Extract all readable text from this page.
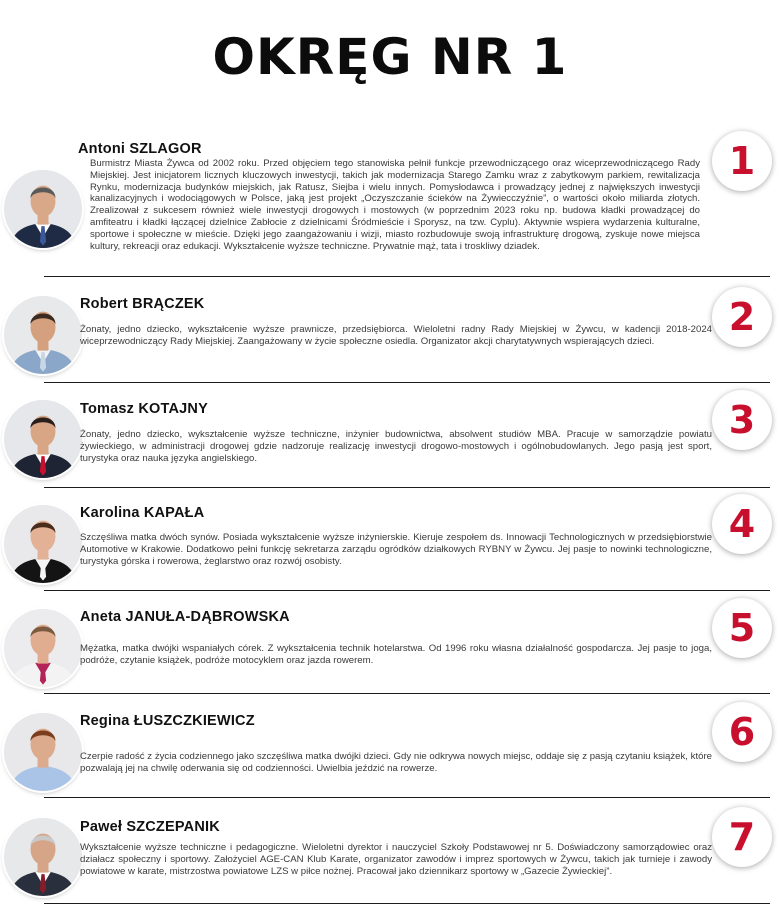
OKRĘG NR 1
Antoni SZLAGOR
Burmistrz Miasta Żywca od 2002 roku. Przed objęciem tego stanowiska pełnił funkcje przewodniczącego oraz wiceprzewodniczącego Rady Miejskiej. Jest inicjatorem licznych kluczowych inwestycji, takich jak modernizacja Starego Zamku wraz z zabytkowym parkiem, rewitalizacja Rynku, modernizacja budynków miejskich, jak Ratusz, Siejba i wielu innych. Pomysłodawca i prowadzący jednej z największych inwestycji kanalizacyjnych i wodociągowych w Polsce, jaką jest projekt „Oczyszczanie ścieków na Żywiecczyźnie”, o wartości około miliarda złotych. Zrealizował z sukcesem również wiele inwestycji drogowych i mostowych (w poprzednim 2023 roku np. budowa kładki prowadzącej do amfiteatru i kładki łączącej dzielnice Zabłocie z dzielnicami Śródmieście i Sporysz, na tzw. Cyplu). Aktywnie wspiera wydarzenia kulturalne, sportowe i społeczne w mieście. Dzięki jego zaangażowaniu i wizji, miasto rozbudowuje swoją infrastrukturę drogową, zyskuje nowe miejsca kultury, rekreacji oraz edukacji. Wykształcenie wyższe techniczne. Prywatnie mąż, tata i troskliwy dziadek.
1
Robert BRĄCZEK
Żonaty, jedno dziecko, wykształcenie wyższe prawnicze, przedsiębiorca. Wieloletni radny Rady Miejskiej w Żywcu, w kadencji 2018-2024 wiceprzewodniczący Rady Miejskiej. Zaangażowany w życie społeczne osiedla. Organizator akcji charytatywnych wspierających dzieci.
2
Tomasz KOTAJNY
Żonaty, jedno dziecko, wykształcenie wyższe techniczne, inżynier budownictwa, absolwent studiów MBA. Pracuje w samorządzie powiatu żywieckiego, w administracji drogowej gdzie nadzoruje realizację inwestycji drogowo-mostowych i ogólnobudowlanych. Jego pasją jest sport, turystyka oraz nauka języka angielskiego.
3
Karolina KAPAŁA
Szczęśliwa matka dwóch synów. Posiada wykształcenie wyższe inżynierskie. Kieruje zespołem ds. Innowacji Technologicznych w przedsiębiorstwie Automotive w Krakowie. Dodatkowo pełni funkcję sekretarza zarządu ogródków działkowych RYBNY w Żywcu. Jej pasje to nowinki technologiczne, turystyka górska i rowerowa, żeglarstwo oraz rozwój osobisty.
4
Aneta JANUŁA-DĄBROWSKA
Mężatka, matka dwójki wspaniałych córek. Z wykształcenia technik hotelarstwa. Od 1996 roku własna działalność gospodarcza. Jej pasje to joga, podróże, czytanie książek, podróże motocyklem oraz jazda rowerem.
5
Regina ŁUSZCZKIEWICZ
Czerpie radość z życia codziennego jako szczęśliwa matka dwójki dzieci. Gdy nie odkrywa nowych miejsc, oddaje się z pasją czytaniu książek, które pozwalają jej na chwilę oderwania się od codzienności. Uwielbia jeździć na rowerze.
6
Paweł SZCZEPANIK
Wykształcenie wyższe techniczne i pedagogiczne. Wieloletni dyrektor i nauczyciel Szkoły Podstawowej nr 5. Doświadczony samorządowiec oraz działacz społeczny i sportowy. Założyciel AGE-CAN Klub Karate, organizator zawodów i imprez sportowych w Żywcu, takich jak turnieje i zawody powiatowe w karate, mistrzostwa powiatowe LZS w piłce nożnej. Pracował jako dziennikarz sportowy w „Gazecie Żywieckiej”.
7
